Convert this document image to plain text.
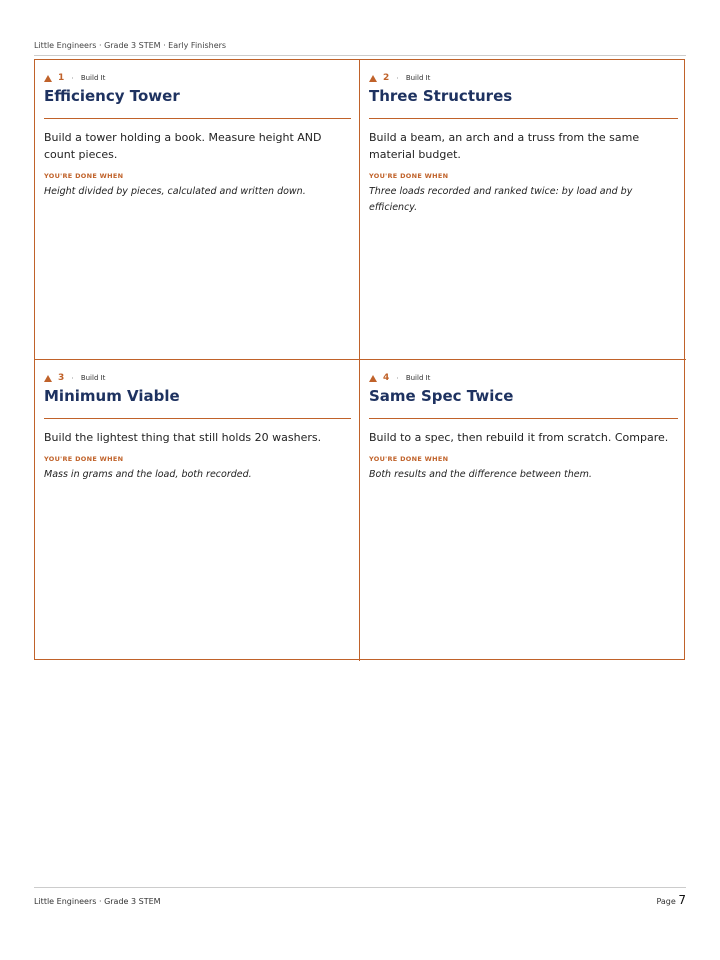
Little Engineers · Grade 3 STEM · Early Finishers
1 · Build It
Efficiency Tower
Build a tower holding a book. Measure height AND count pieces.
YOU'RE DONE WHEN
Height divided by pieces, calculated and written down.
2 · Build It
Three Structures
Build a beam, an arch and a truss from the same material budget.
YOU'RE DONE WHEN
Three loads recorded and ranked twice: by load and by efficiency.
3 · Build It
Minimum Viable
Build the lightest thing that still holds 20 washers.
YOU'RE DONE WHEN
Mass in grams and the load, both recorded.
4 · Build It
Same Spec Twice
Build to a spec, then rebuild it from scratch. Compare.
YOU'RE DONE WHEN
Both results and the difference between them.
Little Engineers · Grade 3 STEM	Page 7
